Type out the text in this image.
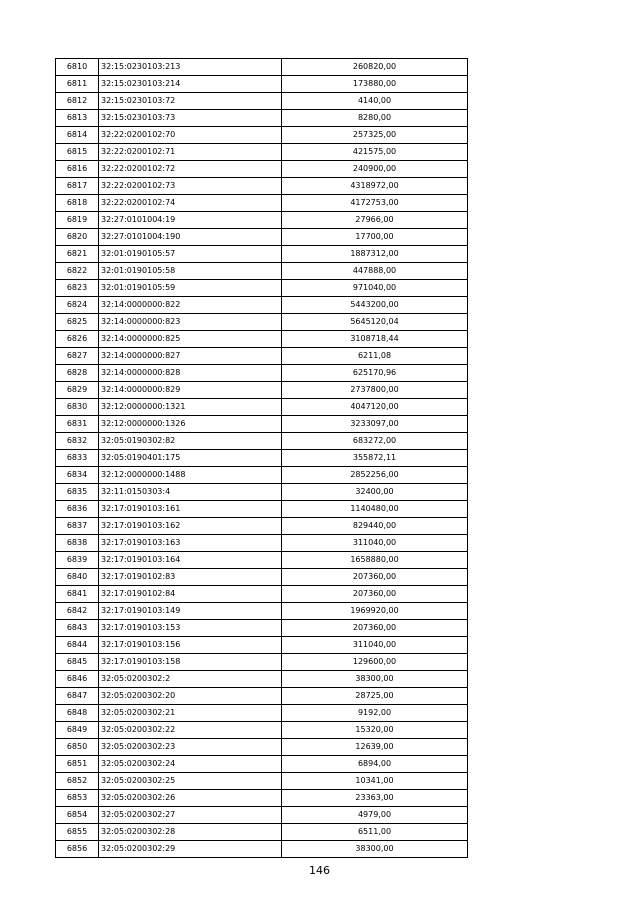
6810	32:15:0230103:213	260820,00
6811	32:15:0230103:214	173880,00
6812	32:15:0230103:72	4140,00
6813	32:15:0230103:73	8280,00
6814	32:22:0200102:70	257325,00
6815	32:22:0200102:71	421575,00
6816	32:22:0200102:72	240900,00
6817	32:22:0200102:73	4318972,00
6818	32:22:0200102:74	4172753,00
6819	32:27:0101004:19	27966,00
6820	32:27:0101004:190	17700,00
6821	32:01:0190105:57	1887312,00
6822	32:01:0190105:58	447888,00
6823	32:01:0190105:59	971040,00
6824	32:14:0000000:822	5443200,00
6825	32:14:0000000:823	5645120,04
6826	32:14:0000000:825	3108718,44
6827	32:14:0000000:827	6211,08
6828	32:14:0000000:828	625170,96
6829	32:14:0000000:829	2737800,00
6830	32:12:0000000:1321	4047120,00
6831	32:12:0000000:1326	3233097,00
6832	32:05:0190302:82	683272,00
6833	32:05:0190401:175	355872,11
6834	32:12:0000000:1488	2852256,00
6835	32:11:0150303:4	32400,00
6836	32:17:0190103:161	1140480,00
6837	32:17:0190103:162	829440,00
6838	32:17:0190103:163	311040,00
6839	32:17:0190103:164	1658880,00
6840	32:17:0190102:83	207360,00
6841	32:17:0190102:84	207360,00
6842	32:17:0190103:149	1969920,00
6843	32:17:0190103:153	207360,00
6844	32:17:0190103:156	311040,00
6845	32:17:0190103:158	129600,00
6846	32:05:0200302:2	38300,00
6847	32:05:0200302:20	28725,00
6848	32:05:0200302:21	9192,00
6849	32:05:0200302:22	15320,00
6850	32:05:0200302:23	12639,00
6851	32:05:0200302:24	6894,00
6852	32:05:0200302:25	10341,00
6853	32:05:0200302:26	23363,00
6854	32:05:0200302:27	4979,00
6855	32:05:0200302:28	6511,00
6856	32:05:0200302:29	38300,00
146
